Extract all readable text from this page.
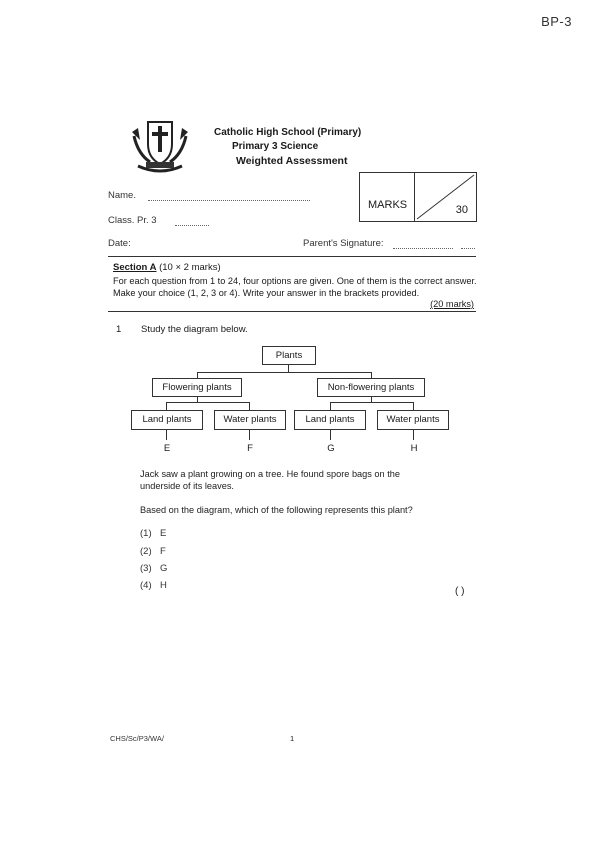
BP-3
Catholic High School (Primary)
Primary 3 Science
Weighted Assessment
Name.
Class. Pr. 3
MARKS	30
Date:	Parent's Signature:
Section A (10 × 2 marks)
For each question from 1 to 24, four options are given. One of them is the correct answer. Make your choice (1, 2, 3 or 4). Write your answer in the brackets provided.
(20 marks)
1 Study the diagram below.
Plants
Flowering plants	Non-flowering plants
Land plants	Water plants	Land plants	Water plants
E	F	G	H
Jack saw a plant growing on a tree. He found spore bags on the underside of its leaves.
Based on the diagram, which of the following represents this plant?
(1) E
(2) F
(3) G
(4) H
( )
CHS/Sc/P3/WA/	1
